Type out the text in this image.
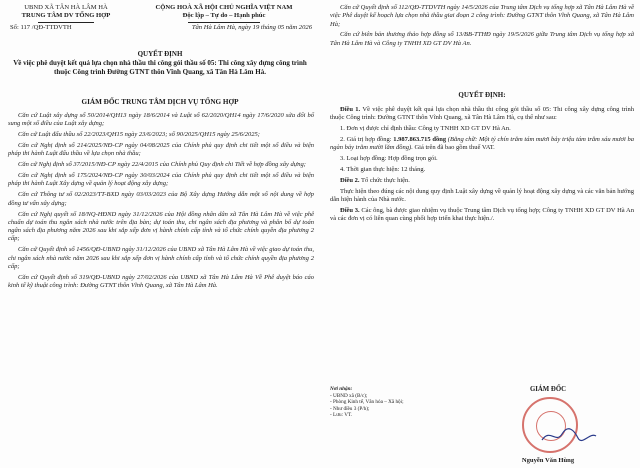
UBND XÃ TÂN HÀ LÂM HÀ
TRUNG TÂM DV TỔNG HỢP
Số: 117 /QĐ-TTDVTH
CỘNG HOÀ XÃ HỘI CHỦ NGHĨA VIỆT NAM
Độc lập – Tự do – Hạnh phúc
Tân Hà Lâm Hà, ngày 19 tháng 05 năm 2026
QUYẾT ĐỊNH
Về việc phê duyệt kết quả lựa chọn nhà thầu thi công gói thầu số 05: Thi công xây dựng công trình thuộc Công trình Đường GTNT thôn Vĩnh Quang, xã Tân Hà Lâm Hà.
GIÁM ĐỐC TRUNG TÂM DỊCH VỤ TỔNG HỢP

Căn cứ Luật xây dựng số 50/2014/QH13 ngày 18/6/2014 và Luật số 62/2020/QH14 ngày 17/6/2020 sửa đổi bổ sung một số điều của Luật xây dựng;

Căn cứ Luật đấu thầu số 22/2023/QH15 ngày 23/6/2023; số 90/2025/QH15 ngày 25/6/2025;

Căn cứ Nghị định số 214/2025/NĐ-CP ngày 04/08/2025 của Chính phủ quy định chi tiết một số điều và biện pháp thi hành Luật đấu thầu về lựa chọn nhà thầu;

Căn cứ Nghị định số 37/2015/NĐ-CP ngày 22/4/2015 của Chính phủ Quy định chi Tiết về hợp đồng xây dựng;

Căn cứ Nghị định số 175/2024/NĐ-CP ngày 30/03/2024 của Chính phủ quy định chi tiết một số điều và biện pháp thi hành Luật Xây dựng về quản lý hoạt động xây dựng;

Căn cứ Thông tư số 02/2023/TT-BXD ngày 03/03/2023 của Bộ Xây dựng Hướng dẫn một số nội dung về hợp đồng tư vấn xây dựng;

Căn cứ Nghị quyết số 18/NQ-HĐND ngày 31/12/2026 của Hội đồng nhân dân xã Tân Hà Lâm Hà về việc phê chuẩn dự toán thu ngân sách nhà nước trên địa bàn; dự toán thu, chi ngân sách địa phương và phân bổ dự toán ngân sách địa phương năm 2026 sau khi sắp xếp đơn vị hành chính cấp tỉnh và tổ chức chính quyền địa phương 2 cấp;

Căn cứ Quyết định số 1456/QĐ-UBND ngày 31/12/2026 của UBND xã Tân Hà Lâm Hà về việc giao dự toán thu, chi ngân sách nhà nước năm 2026 sau khi sắp xếp đơn vị hành chính cấp tỉnh và tổ chức chính quyền địa phương 2 cấp;

Căn cứ Quyết định số 319/QĐ-UBND ngày 27/02/2026 của UBND xã Tân Hà Lâm Hà Về Phê duyệt báo cáo kinh tế kỹ thuật công trình: Đường GTNT thôn Vĩnh Quang, xã Tân Hà Lâm Hà.

Căn cứ Quyết định số 112/QĐ-TTDVTH ngày 14/5/2026 của Trung tâm Dịch vụ tổng hợp xã Tân Hà Lâm Hà về việc Phê duyệt kế hoạch lựa chọn nhà thầu giai đoạn 2 công trình: Đường GTNT thôn Vĩnh Quang, xã Tân Hà Lâm Hà;

Căn cứ biên bản thương thảo hợp đồng số 13/BB-TTHĐ ngày 19/5/2026 giữa Trung tâm Dịch vụ tổng hợp xã Tân Hà Lâm Hà và Công ty TNHH XD GT DV Hà An.

QUYẾT ĐỊNH:

Điều 1. Về việc phê duyệt kết quả lựa chọn nhà thầu thi công gói thầu số 05: Thi công xây dựng công trình thuộc Công trình: Đường GTNT thôn Vĩnh Quang, xã Tân Hà Lâm Hà, cụ thể như sau:

1. Đơn vị được chỉ định thầu: Công ty TNHH XD GT DV Hà An.

2. Giá trị hợp đồng: 1.987.863.715 đồng (Bằng chữ: Một tỷ chín trăm tám mươi bảy triệu tám trăm sáu mươi ba ngàn bảy trăm mười lăm đồng). Giá trên đã bao gồm thuế VAT.

3. Loại hợp đồng: Hợp đồng trọn gói.

4. Thời gian thực hiện: 12 tháng.

Điều 2. Tổ chức thực hiện.

Thực hiện theo đúng các nội dung quy định Luật xây dựng về quản lý hoạt động xây dựng và các văn bản hướng dẫn hiện hành của Nhà nước.

Điều 3. Các ông, bà được giao nhiệm vụ thuộc Trung tâm Dịch vụ tổng hợp; Công ty TNHH XD GT DV Hà An và các đơn vị có liên quan cùng phối hợp triển khai thực hiện./.

Nơi nhận:
- UBND xã (B/c);
- Phòng Kinh tế, Văn hóa – Xã hội;
- Như điều 3 (P/h);
- Lưu: VT.
GIÁM ĐỐC
Nguyễn Văn Hùng
